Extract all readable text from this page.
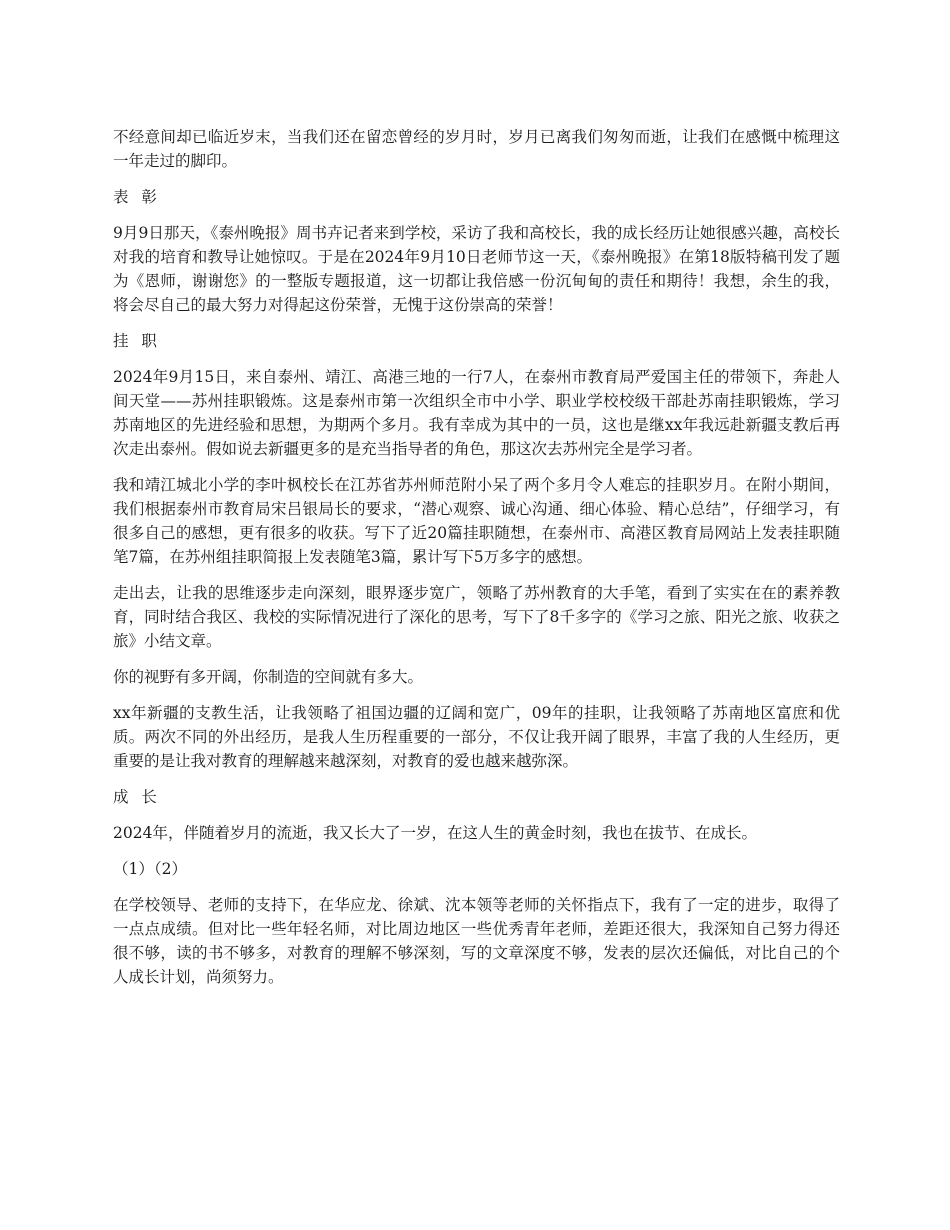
不经意间却已临近岁末，当我们还在留恋曾经的岁月时，岁月已离我们匆匆而逝，让我们在感慨中梳理这一年走过的脚印。

表 彰

9月9日那天，《泰州晚报》周书卉记者来到学校，采访了我和高校长，我的成长经历让她很感兴趣，高校长对我的培育和教导让她惊叹。于是在2024年9月10日老师节这一天，《泰州晚报》在第18版特稿刊发了题为《恩师，谢谢您》的一整版专题报道，这一切都让我倍感一份沉甸甸的责任和期待！我想，余生的我，将会尽自己的最大努力对得起这份荣誉，无愧于这份崇高的荣誉！

挂 职

2024年9月15日，来自泰州、靖江、高港三地的一行7人，在泰州市教育局严爱国主任的带领下，奔赴人间天堂——苏州挂职锻炼。这是泰州市第一次组织全市中小学、职业学校校级干部赴苏南挂职锻炼，学习苏南地区的先进经验和思想，为期两个多月。我有幸成为其中的一员，这也是继xx年我远赴新疆支教后再次走出泰州。假如说去新疆更多的是充当指导者的角色，那这次去苏州完全是学习者。

我和靖江城北小学的李叶枫校长在江苏省苏州师范附小呆了两个多月令人难忘的挂职岁月。在附小期间，我们根据泰州市教育局宋吕银局长的要求，“潜心观察、诚心沟通、细心体验、精心总结”，仔细学习，有很多自己的感想，更有很多的收获。写下了近20篇挂职随想，在泰州市、高港区教育局网站上发表挂职随笔7篇，在苏州组挂职简报上发表随笔3篇，累计写下5万多字的感想。

走出去，让我的思维逐步走向深刻，眼界逐步宽广，领略了苏州教育的大手笔，看到了实实在在的素养教育，同时结合我区、我校的实际情况进行了深化的思考，写下了8千多字的《学习之旅、阳光之旅、收获之旅》小结文章。

你的视野有多开阔，你制造的空间就有多大。

xx年新疆的支教生活，让我领略了祖国边疆的辽阔和宽广，09年的挂职，让我领略了苏南地区富庶和优质。两次不同的外出经历，是我人生历程重要的一部分，不仅让我开阔了眼界，丰富了我的人生经历，更重要的是让我对教育的理解越来越深刻，对教育的爱也越来越弥深。

成 长

2024年，伴随着岁月的流逝，我又长大了一岁，在这人生的黄金时刻，我也在拔节、在成长。

（1）（2）

在学校领导、老师的支持下，在华应龙、徐斌、沈本领等老师的关怀指点下，我有了一定的进步，取得了一点点成绩。但对比一些年轻名师，对比周边地区一些优秀青年老师，差距还很大，我深知自己努力得还很不够，读的书不够多，对教育的理解不够深刻，写的文章深度不够，发表的层次还偏低，对比自己的个人成长计划，尚须努力。
